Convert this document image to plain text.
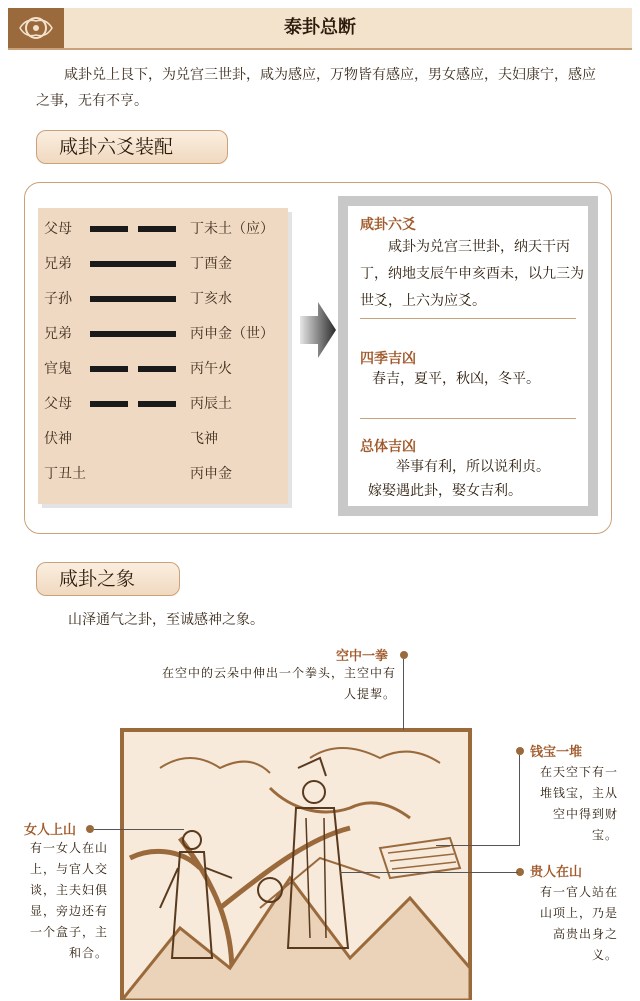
泰卦总断
咸卦兑上艮下，为兑宫三世卦，咸为感应，万物皆有感应，男女感应，夫妇康宁，感应之事，无有不亨。
咸卦六爻装配
父母	丁未土（应）
兄弟	丁酉金
子孙	丁亥水
兄弟	丙申金（世）
官鬼	丙午火
父母	丙辰土
伏神	飞神
丁丑土	丙申金
咸卦六爻
咸卦为兑宫三世卦，纳天干丙丁，纳地支辰午申亥酉未，以九三为世爻，上六为应爻。
四季吉凶
春吉，夏平，秋凶，冬平。
总体吉凶
举事有利，所以说利贞。
嫁娶遇此卦，娶女吉利。
咸卦之象
山泽通气之卦，至诚感神之象。
空中一拳
在空中的云朵中伸出一个拳头，主空中有人提挈。
钱宝一堆
在天空下有一堆钱宝，主从空中得到财宝。
贵人在山
有一官人站在山项上，乃是高贵出身之义。
女人上山
有一女人在山上，与官人交谈，主夫妇俱显，旁边还有一个盒子，主和合。
